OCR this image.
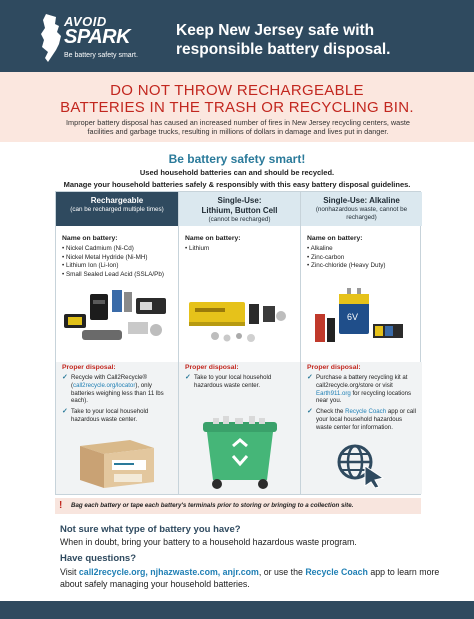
AVOID
SPARK
Be battery safety smart.
Keep New Jersey safe with responsible battery disposal.
DO NOT THROW RECHARGEABLE
BATTERIES IN THE TRASH OR RECYCLING BIN.
Improper battery disposal has caused an increased number of fires in New Jersey recycling centers, waste facilities and garbage trucks, resulting in millions of dollars in damage and lives put in danger.
Be battery safety smart!
Used household batteries can and should be recycled.
Manage your household batteries safely & responsibly with this easy battery disposal guidelines.
Rechargeable
(can be recharged multiple times)
Name on battery:
• Nickel Cadmium (Ni-Cd)
• Nickel Metal Hydride (Ni-MH)
• Lithium Ion (Li-Ion)
• Small Sealed Lead Acid (SSLA/Pb)
Proper disposal:
✓ Recycle with Call2Recycle® (call2recycle.org/locator), only batteries weighing less than 11 lbs each).
✓ Take to your local household hazardous waste center.
Single-Use:
Lithium, Button Cell
(cannot be recharged)
Name on battery:
• Lithium
Proper disposal:
✓ Take to your local household hazardous waste center.
Single-Use: Alkaline
(nonhazardous waste, cannot be recharged)
Name on battery:
• Alkaline
• Zinc-carbon
• Zinc-chloride (Heavy Duty)
6V
Proper disposal:
✓ Purchase a battery recycling kit at call2recycle.org/store or visit Earth911.org for recycling locations near you.
✓ Check the Recycle Coach app or call your local household hazardous waste center for information.
!	Bag each battery or tape each battery's terminals prior to storing or bringing to a collection site.
Not sure what type of battery you have?
When in doubt, bring your battery to a household hazardous waste program.
Have questions?
Visit call2recycle.org, njhazwaste.com, anjr.com, or use the Recycle Coach app to learn more about safely managing your household batteries.
